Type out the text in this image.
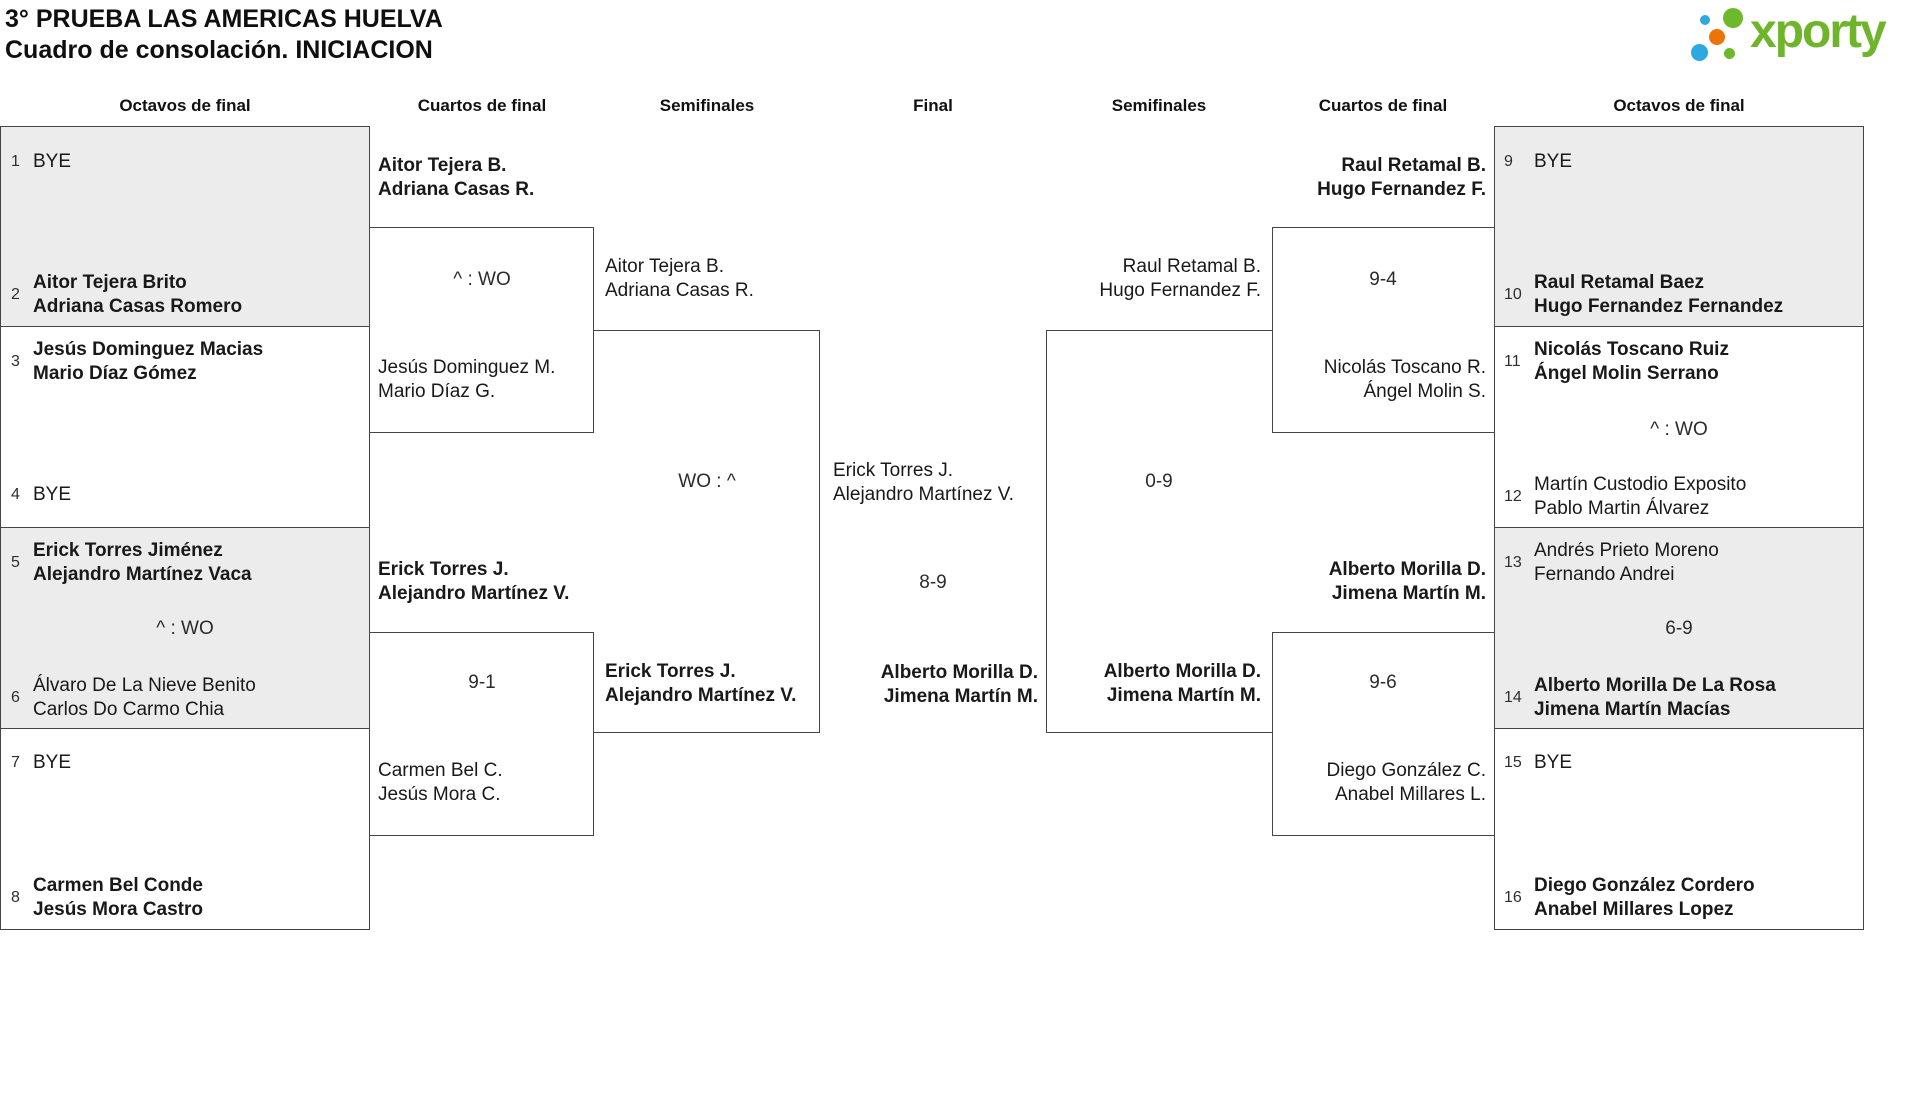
3° PRUEBA LAS AMERICAS HUELVA
Cuadro de consolación. INICIACION	xporty
Octavos de final	Cuartos de final	Semifinales	Final	Semifinales	Cuartos de final	Octavos de final
1 BYE
2
Aitor Tejera Brito
Adriana Casas Romero
3
Jesús Dominguez Macias
Mario Díaz Gómez
4 BYE
5
Erick Torres Jiménez
Alejandro Martínez Vaca
^ : WO
6
Álvaro De La Nieve Benito
Carlos Do Carmo Chia
7 BYE
8
Carmen Bel Conde
Jesús Mora Castro
Aitor Tejera B.
Adriana Casas R.
^ : WO
Jesús Dominguez M.
Mario Díaz G.
Erick Torres J.
Alejandro Martínez V.
9-1
Carmen Bel C.
Jesús Mora C.
Aitor Tejera B.
Adriana Casas R.
WO : ^
Erick Torres J.
Alejandro Martínez V.
Erick Torres J.
Alejandro Martínez V.
8-9
Alberto Morilla D.
Jimena Martín M.
Raul Retamal B.
Hugo Fernandez F.
0-9
Alberto Morilla D.
Jimena Martín M.
Raul Retamal B.
Hugo Fernandez F.
9-4
Nicolás Toscano R.
Ángel Molin S.
Alberto Morilla D.
Jimena Martín M.
9-6
Diego González C.
Anabel Millares L.
9 BYE
10
Raul Retamal Baez
Hugo Fernandez Fernandez
11
Nicolás Toscano Ruiz
Ángel Molin Serrano
^ : WO
12
Martín Custodio Exposito
Pablo Martin Álvarez
13
Andrés Prieto Moreno
Fernando Andrei
6-9
14
Alberto Morilla De La Rosa
Jimena Martín Macías
15 BYE
16
Diego González Cordero
Anabel Millares Lopez
